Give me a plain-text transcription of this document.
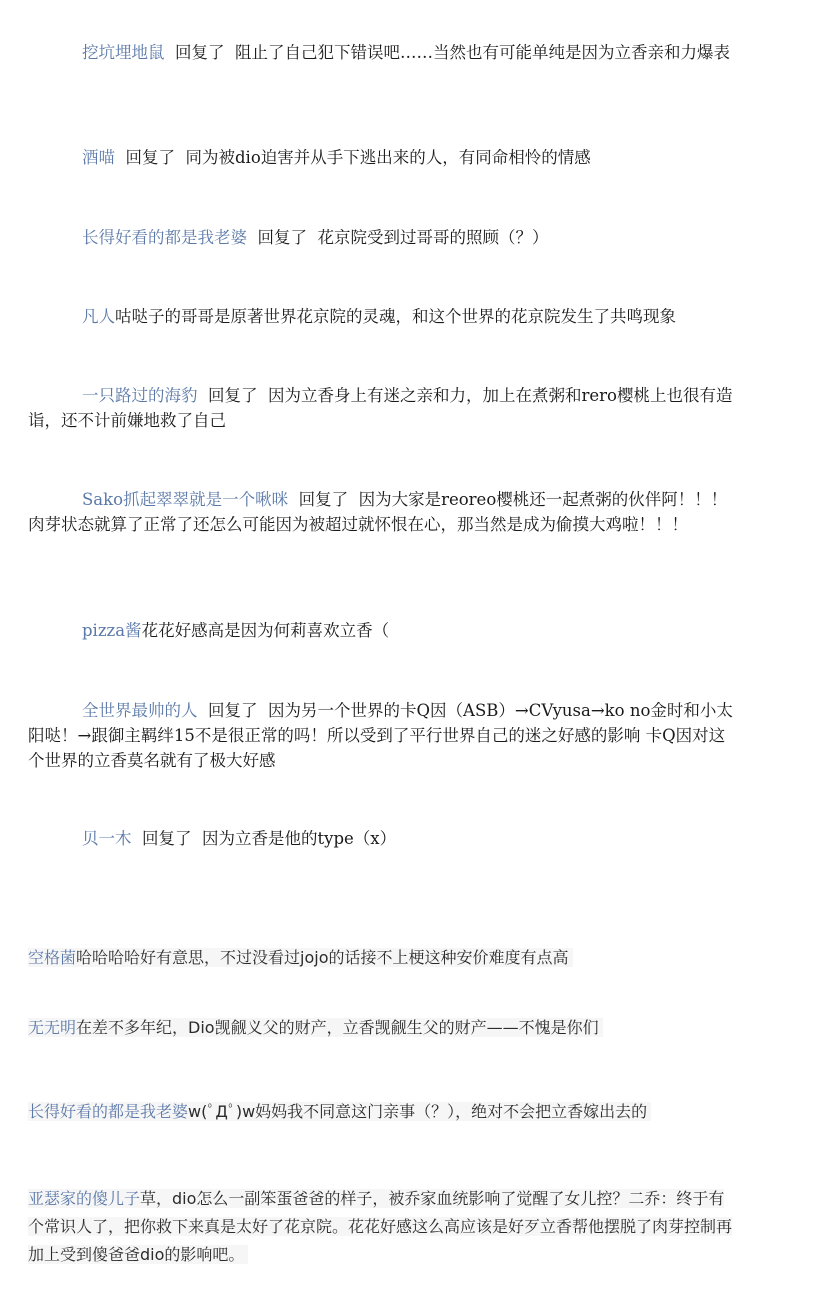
挖坑埋地鼠 回复了 阻止了自己犯下错误吧……当然也有可能单纯是因为立香亲和力爆表

酒喵 回复了 同为被dio迫害并从手下逃出来的人，有同命相怜的情感

长得好看的都是我老婆 回复了 花京院受到过哥哥的照顾（？）

凡人咕哒子的哥哥是原著世界花京院的灵魂，和这个世界的花京院发生了共鸣现象

一只路过的海豹 回复了 因为立香身上有迷之亲和力，加上在煮粥和rero樱桃上也很有造诣，还不计前嫌地救了自己

Sako抓起翠翠就是一个啾咪 回复了 因为大家是reoreo樱桃还一起煮粥的伙伴阿！！！肉芽状态就算了正常了还怎么可能因为被超过就怀恨在心，那当然是成为偷摸大鸡啦！！！

pizza酱花花好感高是因为何莉喜欢立香（

全世界最帅的人 回复了 因为另一个世界的卡Q因（ASB）→CVyusa→ko no金时和小太阳哒！→跟御主羁绊15不是很正常的吗！所以受到了平行世界自己的迷之好感的影响 卡Q因对这个世界的立香莫名就有了极大好感

贝一木 回复了 因为立香是他的type（x）

空格菌哈哈哈哈好有意思，不过没看过jojo的话接不上梗这种安价难度有点高

无无明在差不多年纪，Dio觊觎义父的财产，立香觊觎生父的财产——不愧是你们

长得好看的都是我老婆w(ﾟДﾟ)w妈妈我不同意这门亲事（？），绝对不会把立香嫁出去的

亚瑟家的傻儿子草，dio怎么一副笨蛋爸爸的样子，被乔家血统影响了觉醒了女儿控？二乔：终于有个常识人了，把你救下来真是太好了花京院。花花好感这么高应该是好歹立香帮他摆脱了肉芽控制再加上受到傻爸爸dio的影响吧。
